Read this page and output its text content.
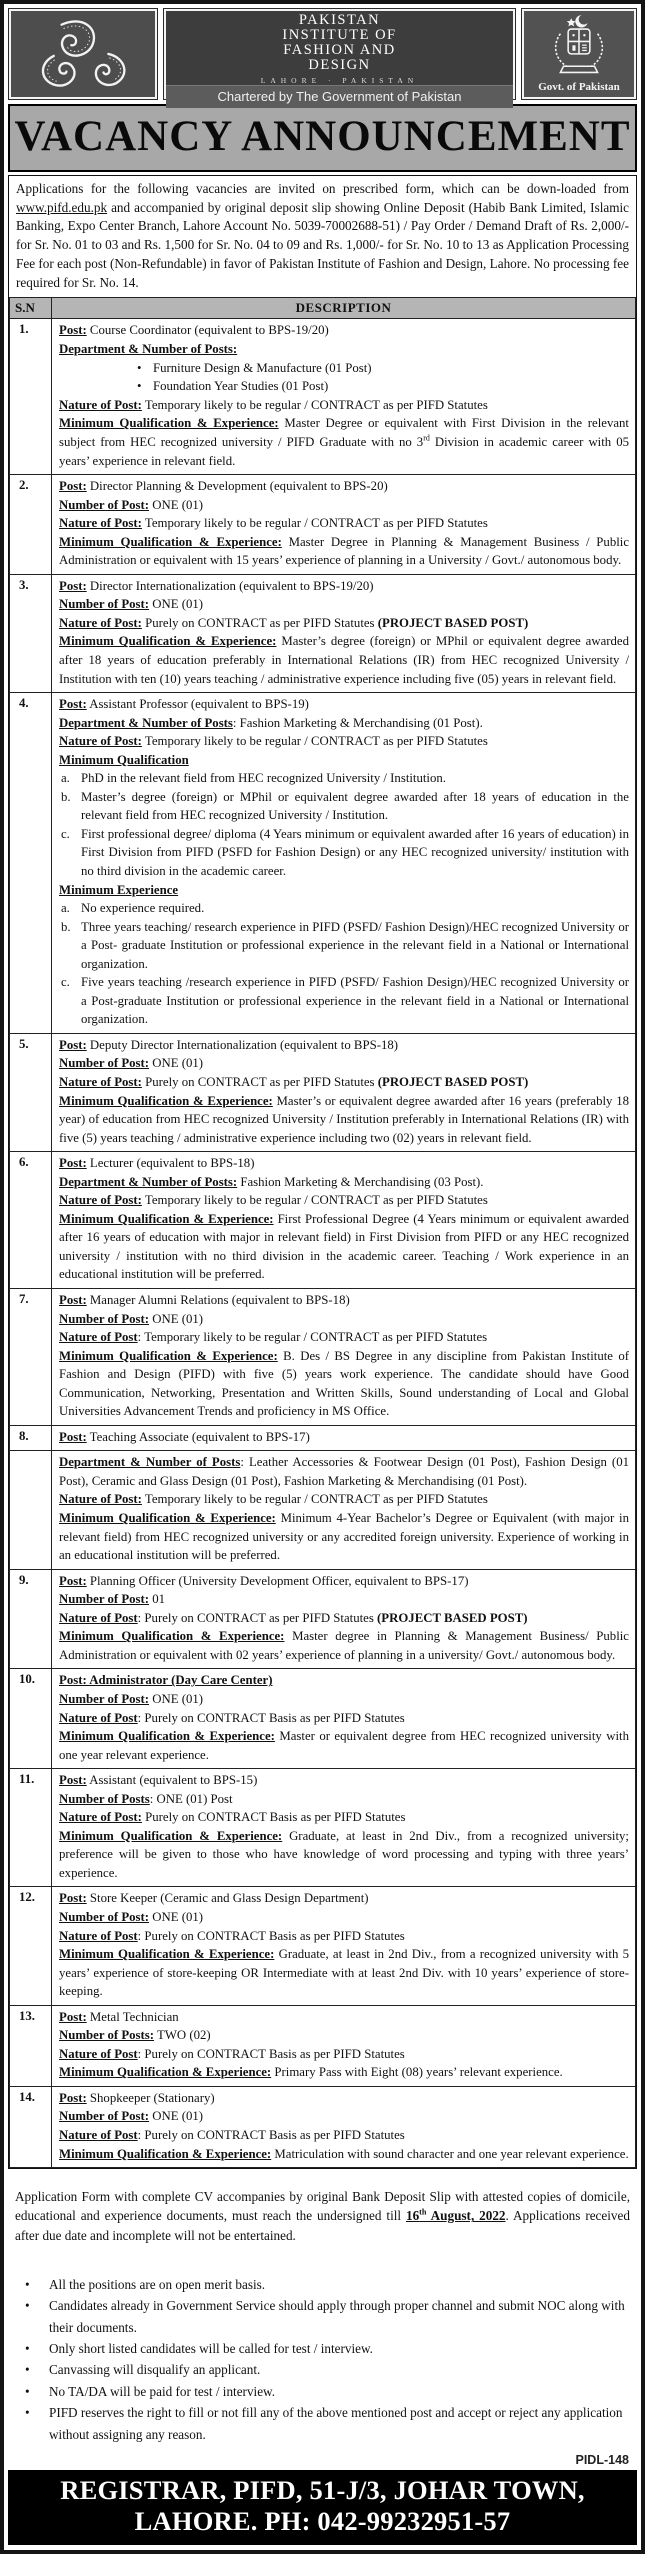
PAKISTAN
INSTITUTE OF
FASHION AND
DESIGN
LAHORE · PAKISTAN
Chartered by The Government of Pakistan
Govt. of Pakistan
VACANCY ANNOUNCEMENT

Applications for the following vacancies are invited on prescribed form, which can be down-loaded from www.pifd.edu.pk and accompanied by original deposit slip showing Online Deposit (Habib Bank Limited, Islamic Banking, Expo Center Branch, Lahore Account No. 5039-70002688-51) / Pay Order / Demand Draft of Rs. 2,000/- for Sr. No. 01 to 03 and Rs. 1,500 for Sr. No. 04 to 09 and Rs. 1,000/- for Sr. No. 10 to 13 as Application Processing Fee for each post (Non-Refundable) in favor of Pakistan Institute of Fashion and Design, Lahore. No processing fee required for Sr. No. 14.

S.N	DESCRIPTION
1.	Post: Course Coordinator (equivalent to BPS-19/20)
Department & Number of Posts:
• Furniture Design & Manufacture (01 Post)
• Foundation Year Studies (01 Post)
Nature of Post: Temporary likely to be regular / CONTRACT as per PIFD Statutes
Minimum Qualification & Experience: Master Degree or equivalent with First Division in the relevant subject from HEC recognized university / PIFD Graduate with no 3rd Division in academic career with 05 years’ experience in relevant field.

2.	Post: Director Planning & Development (equivalent to BPS-20)
Number of Post: ONE (01)
Nature of Post: Temporary likely to be regular / CONTRACT as per PIFD Statutes
Minimum Qualification & Experience: Master Degree in Planning & Management Business / Public Administration or equivalent with 15 years’ experience of planning in a University / Govt./ autonomous body.

3.	Post: Director Internationalization (equivalent to BPS-19/20)
Number of Post: ONE (01)
Nature of Post: Purely on CONTRACT as per PIFD Statutes (PROJECT BASED POST)
Minimum Qualification & Experience: Master’s degree (foreign) or MPhil or equivalent degree awarded after 18 years of education preferably in International Relations (IR) from HEC recognized University / Institution with ten (10) years teaching / administrative experience including five (05) years in relevant field.

4.	Post: Assistant Professor (equivalent to BPS-19)
Department & Number of Posts: Fashion Marketing & Merchandising (01 Post).
Nature of Post: Temporary likely to be regular / CONTRACT as per PIFD Statutes
Minimum Qualification
a. PhD in the relevant field from HEC recognized University / Institution.
b. Master’s degree (foreign) or MPhil or equivalent degree awarded after 18 years of education in the relevant field from HEC recognized University / Institution.
c. First professional degree/ diploma (4 Years minimum or equivalent awarded after 16 years of education) in First Division from PIFD (PSFD for Fashion Design) or any HEC recognized university/ institution with no third division in the academic career.
Minimum Experience
a. No experience required.
b. Three years teaching/ research experience in PIFD (PSFD/ Fashion Design)/HEC recognized University or a Post- graduate Institution or professional experience in the relevant field in a National or International organization.
c. Five years teaching /research experience in PIFD (PSFD/ Fashion Design)/HEC recognized University or a Post-graduate Institution or professional experience in the relevant field in a National or International organization.

5.	Post: Deputy Director Internationalization (equivalent to BPS-18)
Number of Post: ONE (01)
Nature of Post: Purely on CONTRACT as per PIFD Statutes (PROJECT BASED POST)
Minimum Qualification & Experience: Master’s or equivalent degree awarded after 16 years (preferably 18 year) of education from HEC recognized University / Institution preferably in International Relations (IR) with five (5) years teaching / administrative experience including two (02) years in relevant field.

6.	Post: Lecturer (equivalent to BPS-18)
Department & Number of Posts: Fashion Marketing & Merchandising (03 Post).
Nature of Post: Temporary likely to be regular / CONTRACT as per PIFD Statutes
Minimum Qualification & Experience: First Professional Degree (4 Years minimum or equivalent awarded after 16 years of education with major in relevant field) in First Division from PIFD or any HEC recognized university / institution with no third division in the academic career. Teaching / Work experience in an educational institution will be preferred.

7.	Post: Manager Alumni Relations (equivalent to BPS-18)
Number of Post: ONE (01)
Nature of Post: Temporary likely to be regular / CONTRACT as per PIFD Statutes
Minimum Qualification & Experience: B. Des / BS Degree in any discipline from Pakistan Institute of Fashion and Design (PIFD) with five (5) years work experience. The candidate should have Good Communication, Networking, Presentation and Written Skills, Sound understanding of Local and Global Universities Advancement Trends and proficiency in MS Office.

8.	Post: Teaching Associate (equivalent to BPS-17)

	Department & Number of Posts: Leather Accessories & Footwear Design (01 Post), Fashion Design (01 Post), Ceramic and Glass Design (01 Post), Fashion Marketing & Merchandising (01 Post).
Nature of Post: Temporary likely to be regular / CONTRACT as per PIFD Statutes
Minimum Qualification & Experience: Minimum 4-Year Bachelor’s Degree or Equivalent (with major in relevant field) from HEC recognized university or any accredited foreign university. Experience of working in an educational institution will be preferred.

9.	Post: Planning Officer (University Development Officer, equivalent to BPS-17)
Number of Post: 01
Nature of Post: Purely on CONTRACT as per PIFD Statutes (PROJECT BASED POST)
Minimum Qualification & Experience: Master degree in Planning & Management Business/ Public Administration or equivalent with 02 years’ experience of planning in a university/ Govt./ autonomous body.

10.	Post: Administrator (Day Care Center)
Number of Post: ONE (01)
Nature of Post: Purely on CONTRACT Basis as per PIFD Statutes
Minimum Qualification & Experience: Master or equivalent degree from HEC recognized university with one year relevant experience.

11.	Post: Assistant (equivalent to BPS-15)
Number of Posts: ONE (01) Post
Nature of Post: Purely on CONTRACT Basis as per PIFD Statutes
Minimum Qualification & Experience: Graduate, at least in 2nd Div., from a recognized university; preference will be given to those who have knowledge of word processing and typing with three years’ experience.

12.	Post: Store Keeper (Ceramic and Glass Design Department)
Number of Post: ONE (01)
Nature of Post: Purely on CONTRACT Basis as per PIFD Statutes
Minimum Qualification & Experience: Graduate, at least in 2nd Div., from a recognized university with 5 years’ experience of store-keeping OR Intermediate with at least 2nd Div. with 10 years’ experience of store-keeping.

13.	Post: Metal Technician
Number of Posts: TWO (02)
Nature of Post: Purely on CONTRACT Basis as per PIFD Statutes
Minimum Qualification & Experience: Primary Pass with Eight (08) years’ relevant experience.

14.	Post: Shopkeeper (Stationary)
Number of Post: ONE (01)
Nature of Post: Purely on CONTRACT Basis as per PIFD Statutes
Minimum Qualification & Experience: Matriculation with sound character and one year relevant experience.

Application Form with complete CV accompanies by original Bank Deposit Slip with attested copies of domicile, educational and experience documents, must reach the undersigned till 16th August, 2022. Applications received after due date and incomplete will not be entertained.

•	All the positions are on open merit basis.
•	Candidates already in Government Service should apply through proper channel and submit NOC along with their documents.
•	Only short listed candidates will be called for test / interview.
•	Canvassing will disqualify an applicant.
•	No TA/DA will be paid for test / interview.
•	PIFD reserves the right to fill or not fill any of the above mentioned post and accept or reject any application without assigning any reason.
PIDL-148
REGISTRAR, PIFD, 51-J/3, JOHAR TOWN, LAHORE. PH: 042-99232951-57
